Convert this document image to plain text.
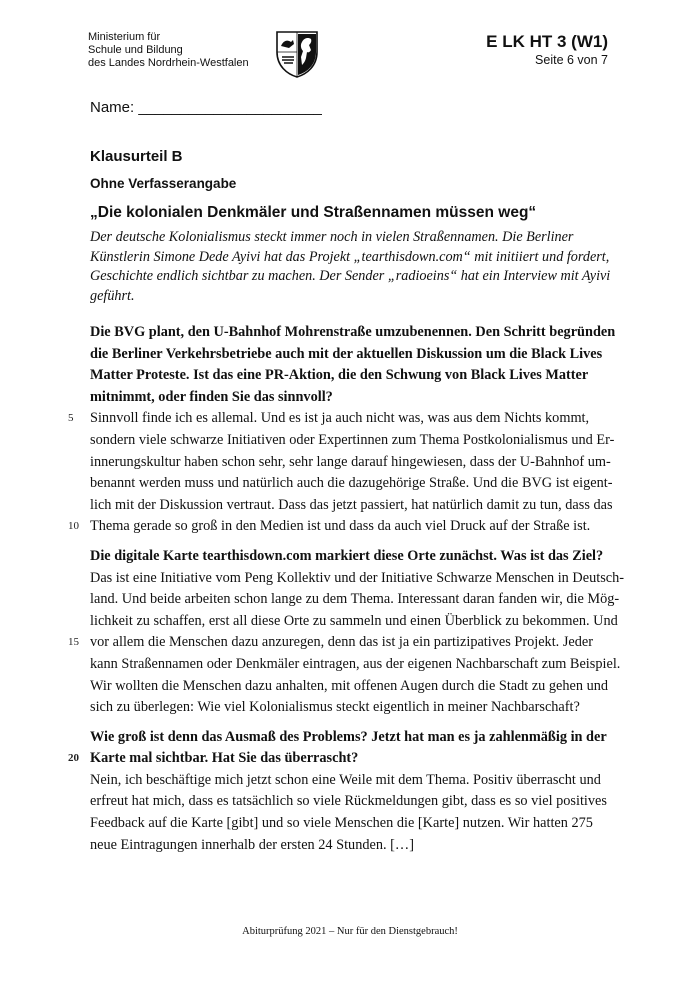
Ministerium für
Schule und Bildung
des Landes Nordrhein-Westfalen
E LK HT 3 (W1)
Seite 6 von 7
Name: ______________________
Klausurteil B
Ohne Verfasserangabe
„Die kolonialen Denkmäler und Straßennamen müssen weg“
Der deutsche Kolonialismus steckt immer noch in vielen Straßennamen. Die Berliner
Künstlerin Simone Dede Ayivi hat das Projekt „tearthisdown.com“ mit initiiert und fordert,
Geschichte endlich sichtbar zu machen. Der Sender „radioeins“ hat ein Interview mit Ayivi
geführt.
Die BVG plant, den U-Bahnhof Mohrenstraße umzubenennen. Den Schritt begründen
die Berliner Verkehrsbetriebe auch mit der aktuellen Diskussion um die Black Lives
Matter Proteste. Ist das eine PR-Aktion, die den Schwung von Black Lives Matter
mitnimmt, oder finden Sie das sinnvoll?
5 Sinnvoll finde ich es allemal. Und es ist ja auch nicht was, was aus dem Nichts kommt,
sondern viele schwarze Initiativen oder Expertinnen zum Thema Postkolonialismus und Er-
innerungskultur haben schon sehr, sehr lange darauf hingewiesen, dass der U-Bahnhof um-
benannt werden muss und natürlich auch die dazugehörige Straße. Und die BVG ist eigent-
lich mit der Diskussion vertraut. Dass das jetzt passiert, hat natürlich damit zu tun, dass das
10 Thema gerade so groß in den Medien ist und dass da auch viel Druck auf der Straße ist.
Die digitale Karte tearthisdown.com markiert diese Orte zunächst. Was ist das Ziel?
Das ist eine Initiative vom Peng Kollektiv und der Initiative Schwarze Menschen in Deutsch-
land. Und beide arbeiten schon lange zu dem Thema. Interessant daran fanden wir, die Mög-
lichkeit zu schaffen, erst all diese Orte zu sammeln und einen Überblick zu bekommen. Und
15 vor allem die Menschen dazu anzuregen, denn das ist ja ein partizipatives Projekt. Jeder
kann Straßennamen oder Denkmäler eintragen, aus der eigenen Nachbarschaft zum Beispiel.
Wir wollten die Menschen dazu anhalten, mit offenen Augen durch die Stadt zu gehen und
sich zu überlegen: Wie viel Kolonialismus steckt eigentlich in meiner Nachbarschaft?
Wie groß ist denn das Ausmaß des Problems? Jetzt hat man es ja zahlenmäßig in der
20 Karte mal sichtbar. Hat Sie das überrascht?
Nein, ich beschäftige mich jetzt schon eine Weile mit dem Thema. Positiv überrascht und
erfreut hat mich, dass es tatsächlich so viele Rückmeldungen gibt, dass es so viel positives
Feedback auf die Karte [gibt] und so viele Menschen die [Karte] nutzen. Wir hatten 275
neue Eintragungen innerhalb der ersten 24 Stunden. […]
Abiturprüfung 2021 – Nur für den Dienstgebrauch!
